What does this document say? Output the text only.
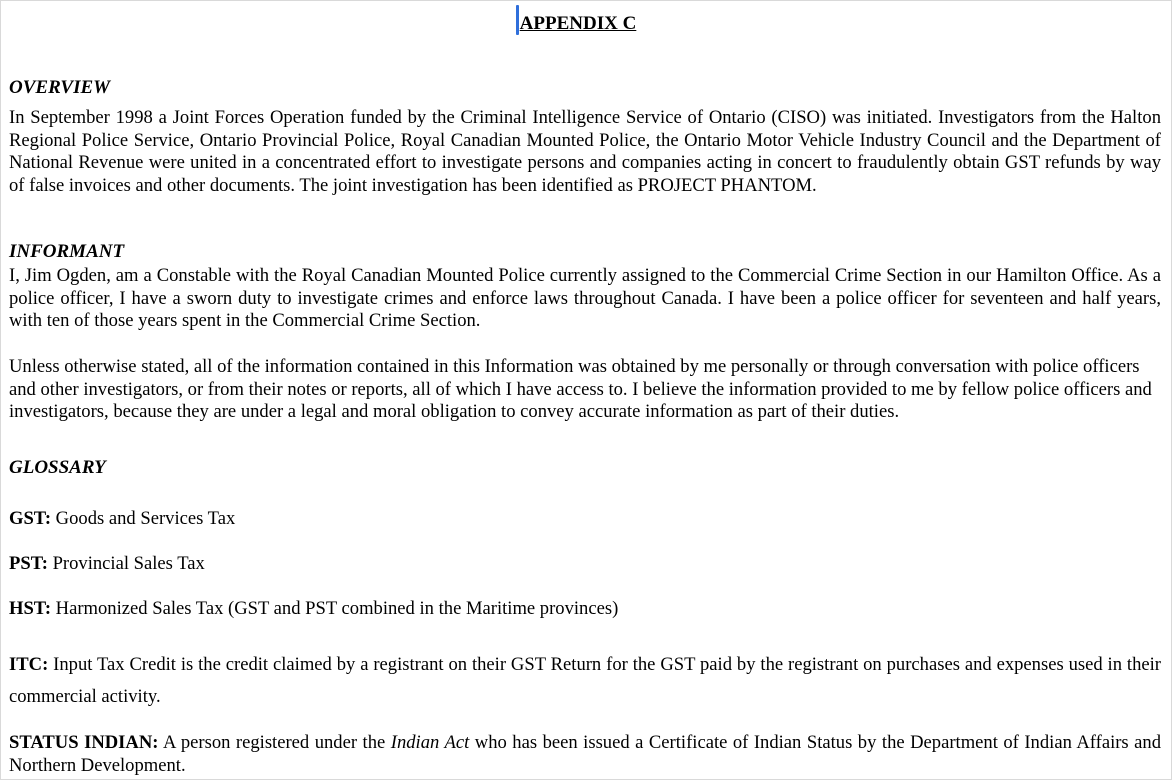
APPENDIX C
OVERVIEW

In September 1998 a Joint Forces Operation funded by the Criminal Intelligence Service of Ontario (CISO) was initiated. Investigators from the Halton Regional Police Service, Ontario Provincial Police, Royal Canadian Mounted Police, the Ontario Motor Vehicle Industry Council and the Department of National Revenue were united in a concentrated effort to investigate persons and companies acting in concert to fraudulently obtain GST refunds by way of false invoices and other documents. The joint investigation has been identified as PROJECT PHANTOM.

INFORMANT

I, Jim Ogden, am a Constable with the Royal Canadian Mounted Police currently assigned to the Commercial Crime Section in our Hamilton Office. As a police officer, I have a sworn duty to investigate crimes and enforce laws throughout Canada. I have been a police officer for seventeen and half years, with ten of those years spent in the Commercial Crime Section.

Unless otherwise stated, all of the information contained in this Information was obtained by me personally or through conversation with police officers and other investigators, or from their notes or reports, all of which I have access to. I believe the information provided to me by fellow police officers and investigators, because they are under a legal and moral obligation to convey accurate information as part of their duties.

GLOSSARY

GST: Goods and Services Tax

PST: Provincial Sales Tax

HST: Harmonized Sales Tax (GST and PST combined in the Maritime provinces)

ITC: Input Tax Credit is the credit claimed by a registrant on their GST Return for the GST paid by the registrant on purchases and expenses used in their commercial activity.

STATUS INDIAN: A person registered under the Indian Act who has been issued a Certificate of Indian Status by the Department of Indian Affairs and Northern Development.
